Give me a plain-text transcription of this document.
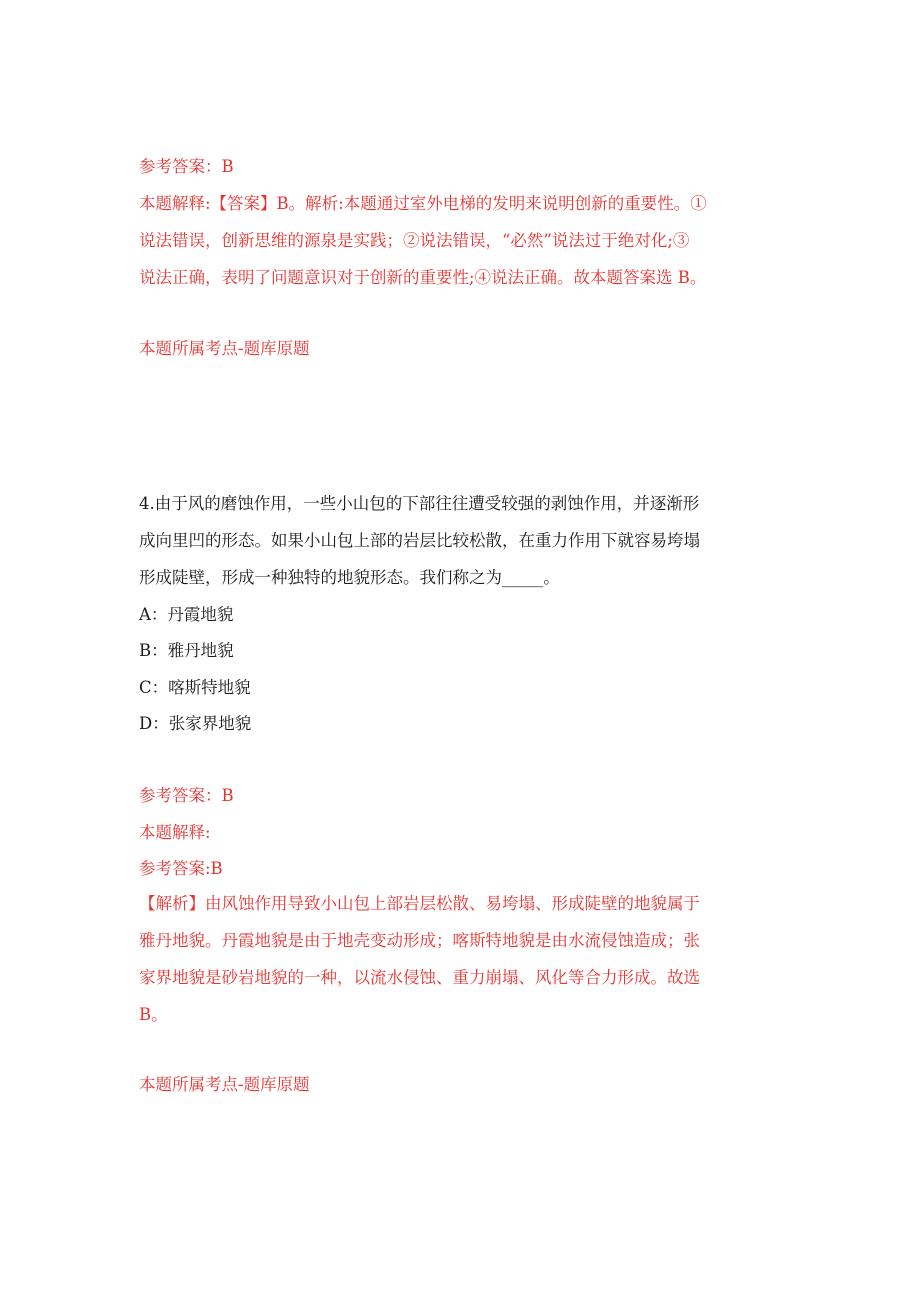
参考答案：B
本题解释:【答案】B。解析:本题通过室外电梯的发明来说明创新的重要性。①
说法错误，创新思维的源泉是实践；②说法错误，“必然”说法过于绝对化;③
说法正确，表明了问题意识对于创新的重要性;④说法正确。故本题答案选 B。
本题所属考点-题库原题
4.由于风的磨蚀作用，一些小山包的下部往往遭受较强的剥蚀作用，并逐渐形
成向里凹的形态。如果小山包上部的岩层比较松散，在重力作用下就容易垮塌
形成陡壁，形成一种独特的地貌形态。我们称之为_____。
A：丹霞地貌
B：雅丹地貌
C：喀斯特地貌
D：张家界地貌
参考答案：B
本题解释:
参考答案:B
【解析】由风蚀作用导致小山包上部岩层松散、易垮塌、形成陡壁的地貌属于
雅丹地貌。丹霞地貌是由于地壳变动形成；喀斯特地貌是由水流侵蚀造成；张
家界地貌是砂岩地貌的一种，以流水侵蚀、重力崩塌、风化等合力形成。故选
B。
本题所属考点-题库原题
